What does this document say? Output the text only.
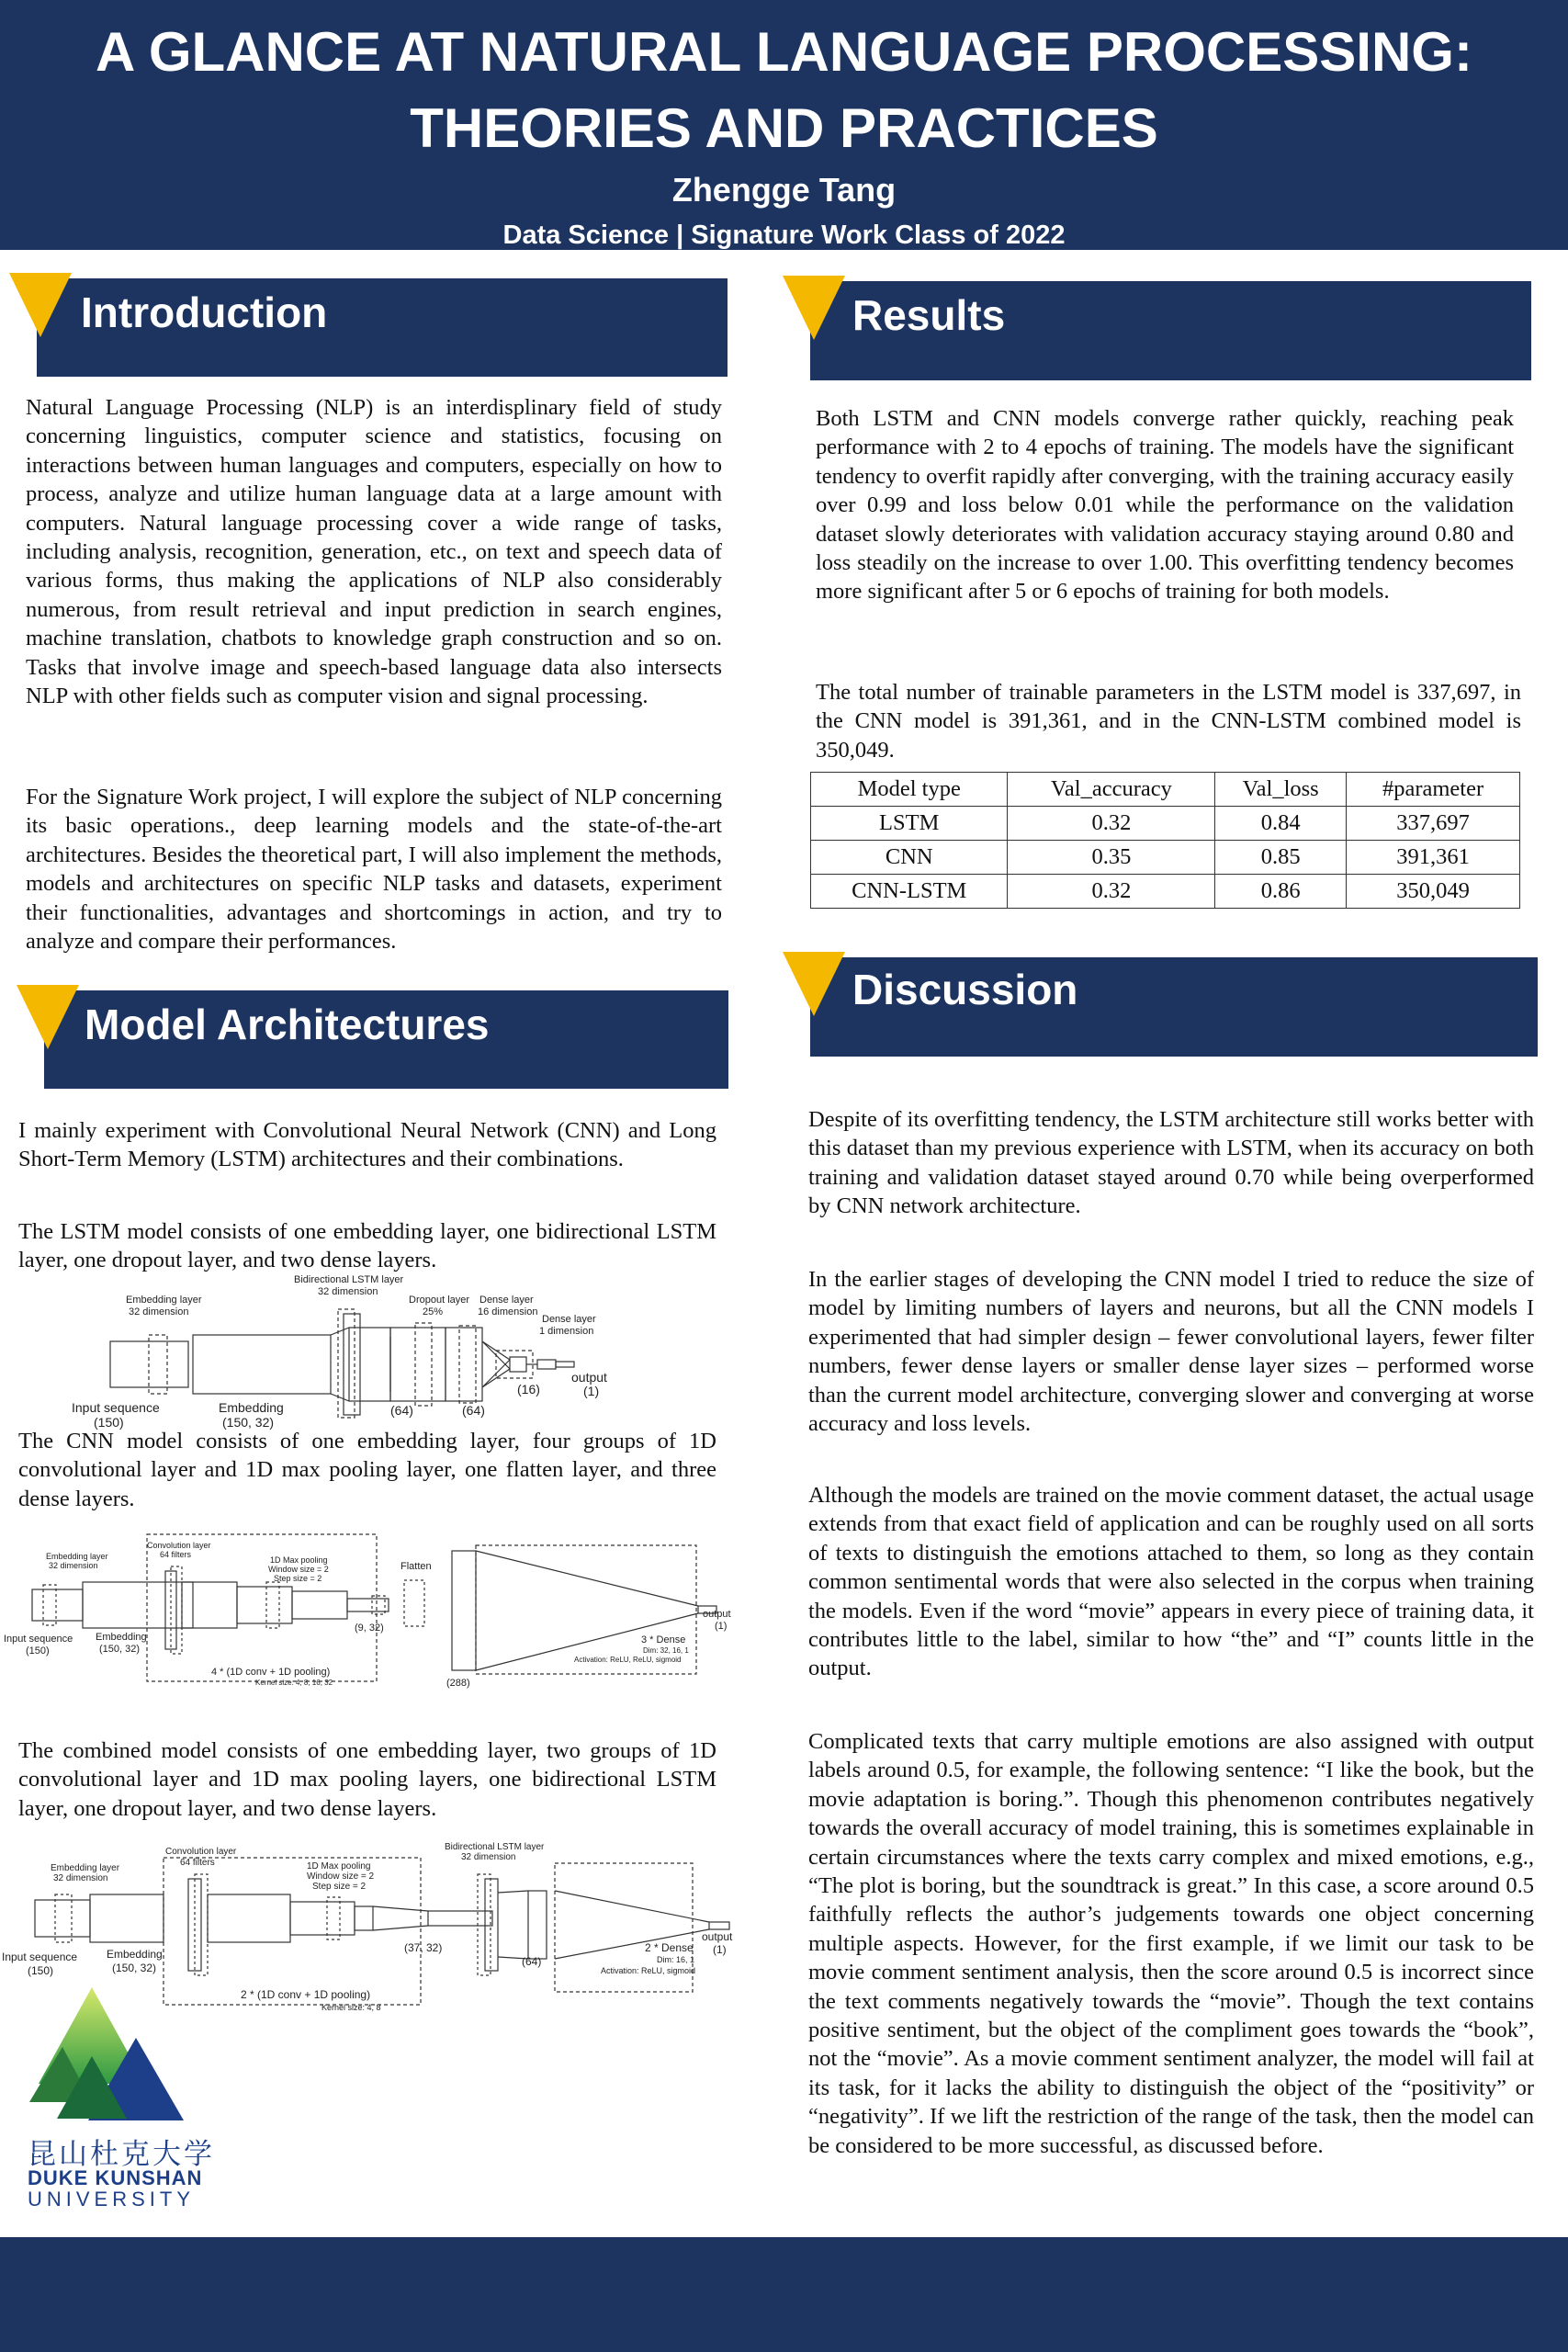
A GLANCE AT NATURAL LANGUAGE PROCESSING:
THEORIES AND PRACTICES
Zhengge Tang
Data Science | Signature Work Class of 2022
Introduction

Natural Language Processing (NLP) is an interdisplinary field of study concerning linguistics, computer science and statistics, focusing on interactions between human languages and computers, especially on how to process, analyze and utilize human language data at a large amount with computers. Natural language processing cover a wide range of tasks, including analysis, recognition, generation, etc., on text and speech data of various forms, thus making the applications of NLP also considerably numerous, from result retrieval and input prediction in search engines, machine translation, chatbots to knowledge graph construction and so on. Tasks that involve image and speech-based language data also intersects NLP with other fields such as computer vision and signal processing.

For the Signature Work project, I will explore the subject of NLP concerning its basic operations., deep learning models and the state-of-the-art architectures. Besides the theoretical part, I will also implement the methods, models and architectures on specific NLP tasks and datasets, experiment their functionalities, advantages and shortcomings in action, and try to analyze and compare their performances.

Model Architectures

I mainly experiment with Convolutional Neural Network (CNN) and Long Short-Term Memory (LSTM) architectures and their combinations.

The LSTM model consists of one embedding layer, one bidirectional LSTM layer, one dropout layer, and two dense layers.

Embedding layer
32 dimension
Bidirectional LSTM layer
32 dimension
Dropout layer
25%
Dense layer
16 dimension
Dense layer
1 dimension
Input sequence
(150)
Embedding
(150, 32)
(64)	(64)
(16)
output
(1)

The CNN model consists of one embedding layer, four groups of 1D convolutional layer and 1D max pooling layer, one flatten layer, and three dense layers.

Embedding layer
32 dimension
Convolution layer
64 filters
1D Max pooling
Window size = 2
Step size = 2
Flatten
Input sequence
(150)
Embedding
(150, 32)
(9, 32)
4 * (1D conv + 1D pooling)
Kernel size: 4, 8, 16, 32	(288)
3 * Dense
Dim: 32, 16, 1
Activation: ReLU, ReLU, sigmoid
output
(1)

The combined model consists of one embedding layer, two groups of 1D convolutional layer and 1D max pooling layers, one bidirectional LSTM layer, one dropout layer, and two dense layers.

Embedding layer
32 dimension
Convolution layer
64 filters	1D Max pooling
Window size = 2
Step size = 2
Bidirectional LSTM layer
32 dimension
Input sequence
(150)
Embedding
(150, 32)
(37, 32)
2 * (1D conv + 1D pooling)
Kernel size: 4, 8
(64)
2 * Dense
Dim: 16, 1
Activation: ReLU, sigmoid
output
(1)
昆山杜克大学
DUKE KUNSHAN
UNIVERSITY
Results

Both LSTM and CNN models converge rather quickly, reaching peak performance with 2 to 4 epochs of training. The models have the significant tendency to overfit rapidly after converging, with the training accuracy easily over 0.99 and loss below 0.01 while the performance on the validation dataset slowly deteriorates with validation accuracy staying around 0.80 and loss steadily on the increase to over 1.00. This overfitting tendency becomes more significant after 5 or 6 epochs of training for both models.

The total number of trainable parameters in the LSTM model is 337,697, in the CNN model is 391,361, and in the CNN-LSTM combined model is 350,049.

Model type	Val_accuracy	Val_loss	#parameter
LSTM	0.32	0.84	337,697
CNN	0.35	0.85	391,361
CNN-LSTM	0.32	0.86	350,049
Discussion

Despite of its overfitting tendency, the LSTM architecture still works better with this dataset than my previous experience with LSTM, when its accuracy on both training and validation dataset stayed around 0.70 while being overperformed by CNN network architecture.

In the earlier stages of developing the CNN model I tried to reduce the size of model by limiting numbers of layers and neurons, but all the CNN models I experimented that had simpler design – fewer convolutional layers, fewer filter numbers, fewer dense layers or smaller dense layer sizes – performed worse than the current model architecture, converging slower and converging at worse accuracy and loss levels.

Although the models are trained on the movie comment dataset, the actual usage extends from that exact field of application and can be roughly used on all sorts of texts to distinguish the emotions attached to them, so long as they contain common sentimental words that were also selected in the corpus when training the models. Even if the word “movie” appears in every piece of training data, it contributes little to the label, similar to how “the” and “I” counts little in the output.

Complicated texts that carry multiple emotions are also assigned with output labels around 0.5, for example, the following sentence: “I like the book, but the movie adaptation is boring.”. Though this phenomenon contributes negatively towards the overall accuracy of model training, this is sometimes explainable in certain circumstances where the texts carry complex and mixed emotions, e.g., “The plot is boring, but the soundtrack is great.” In this case, a score around 0.5 faithfully reflects the author’s judgements towards one object concerning multiple aspects. However, for the first example, if we limit our task to be movie comment sentiment analysis, then the score around 0.5 is incorrect since the text comments negatively towards the “movie”. Though the text contains positive sentiment, but the object of the compliment goes towards the “book”, not the “movie”. As a movie comment sentiment analyzer, the model will fail at its task, for it lacks the ability to distinguish the object of the “positivity” or “negativity”. If we lift the restriction of the range of the task, then the model can be considered to be more successful, as discussed before.
